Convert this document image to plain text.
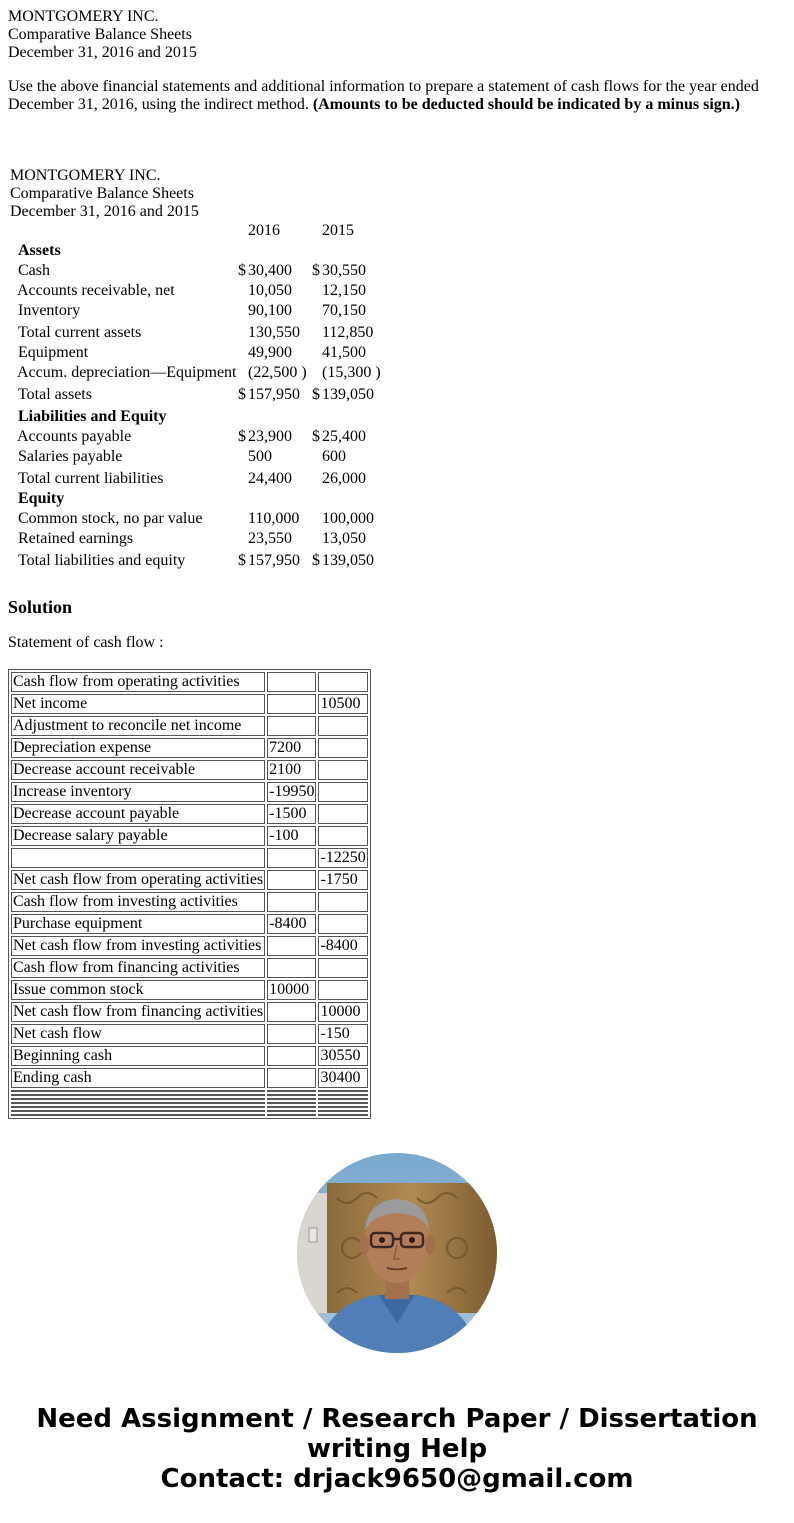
MONTGOMERY INC.
Comparative Balance Sheets
December 31, 2016 and 2015
Use the above financial statements and additional information to prepare a statement of cash flows for the year ended December 31, 2016, using the indirect method. (Amounts to be deducted should be indicated by a minus sign.)
MONTGOMERY INC.
Comparative Balance Sheets
December 31, 2016 and 2015
2016	2015
Assets
Cash	$ 30,400 $ 30,550
Accounts receivable, net	10,050 12,150
Inventory	90,100 70,150
Total current assets	130,550 112,850
Equipment	49,900 41,500
Accum. depreciation—Equipment (22,500 ) (15,300 )
Total assets	$ 157,950 $ 139,050
Liabilities and Equity
Accounts payable	$ 23,900 $ 25,400
Salaries payable	500	600
Total current liabilities	24,400 26,000
Equity
Common stock, no par value	110,000 100,000
Retained earnings	23,550 13,050
Total liabilities and equity	$ 157,950 $ 139,050
Solution
Statement of cash flow :
Cash flow from operating activities		
Net income		10500
Adjustment to reconcile net income		
Depreciation expense	7200	
Decrease account receivable	2100	
Increase inventory	-19950	
Decrease account payable	-1500	
Decrease salary payable	-100	
		-12250
Net cash flow from operating activities		-1750
Cash flow from investing activities		
Purchase equipment	-8400	
Net cash flow from investing activities		-8400
Cash flow from financing activities		
Issue common stock	10000	
Net cash flow from financing activities		10000
Net cash flow		-150
Beginning cash		30550
Ending cash		30400

Need Assignment / Research Paper / Dissertation
writing Help
Contact: drjack9650@gmail.com
